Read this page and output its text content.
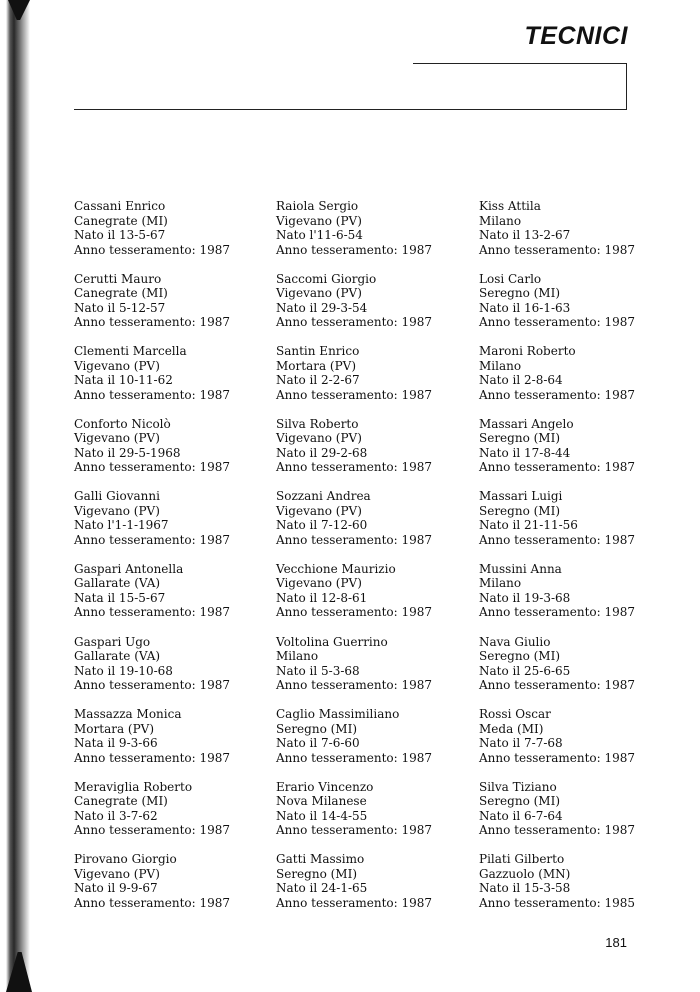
TECNICI
Cassani Enrico
Canegrate (MI)
Nato il 13-5-67
Anno tesseramento: 1987
Cerutti Mauro
Canegrate (MI)
Nato il 5-12-57
Anno tesseramento: 1987
Clementi Marcella
Vigevano (PV)
Nata il 10-11-62
Anno tesseramento: 1987
Conforto Nicolò
Vigevano (PV)
Nato il 29-5-1968
Anno tesseramento: 1987
Galli Giovanni
Vigevano (PV)
Nato l'1-1-1967
Anno tesseramento: 1987
Gaspari Antonella
Gallarate (VA)
Nata il 15-5-67
Anno tesseramento: 1987
Gaspari Ugo
Gallarate (VA)
Nato il 19-10-68
Anno tesseramento: 1987
Massazza Monica
Mortara (PV)
Nata il 9-3-66
Anno tesseramento: 1987
Meraviglia Roberto
Canegrate (MI)
Nato il 3-7-62
Anno tesseramento: 1987
Pirovano Giorgio
Vigevano (PV)
Nato il 9-9-67
Anno tesseramento: 1987
Raiola Sergio
Vigevano (PV)
Nato l'11-6-54
Anno tesseramento: 1987
Saccomi Giorgio
Vigevano (PV)
Nato il 29-3-54
Anno tesseramento: 1987
Santin Enrico
Mortara (PV)
Nato il 2-2-67
Anno tesseramento: 1987
Silva Roberto
Vigevano (PV)
Nato il 29-2-68
Anno tesseramento: 1987
Sozzani Andrea
Vigevano (PV)
Nato il 7-12-60
Anno tesseramento: 1987
Vecchione Maurizio
Vigevano (PV)
Nato il 12-8-61
Anno tesseramento: 1987
Voltolina Guerrino
Milano
Nato il 5-3-68
Anno tesseramento: 1987
Caglio Massimiliano
Seregno (MI)
Nato il 7-6-60
Anno tesseramento: 1987
Erario Vincenzo
Nova Milanese
Nato il 14-4-55
Anno tesseramento: 1987
Gatti Massimo
Seregno (MI)
Nato il 24-1-65
Anno tesseramento: 1987
Kiss Attila
Milano
Nato il 13-2-67
Anno tesseramento: 1987
Losi Carlo
Seregno (MI)
Nato il 16-1-63
Anno tesseramento: 1987
Maroni Roberto
Milano
Nato il 2-8-64
Anno tesseramento: 1987
Massari Angelo
Seregno (MI)
Nato il 17-8-44
Anno tesseramento: 1987
Massari Luigi
Seregno (MI)
Nato il 21-11-56
Anno tesseramento: 1987
Mussini Anna
Milano
Nato il 19-3-68
Anno tesseramento: 1987
Nava Giulio
Seregno (MI)
Nato il 25-6-65
Anno tesseramento: 1987
Rossi Oscar
Meda (MI)
Nato il 7-7-68
Anno tesseramento: 1987
Silva Tiziano
Seregno (MI)
Nato il 6-7-64
Anno tesseramento: 1987
Pilati Gilberto
Gazzuolo (MN)
Nato il 15-3-58
Anno tesseramento: 1985
181
